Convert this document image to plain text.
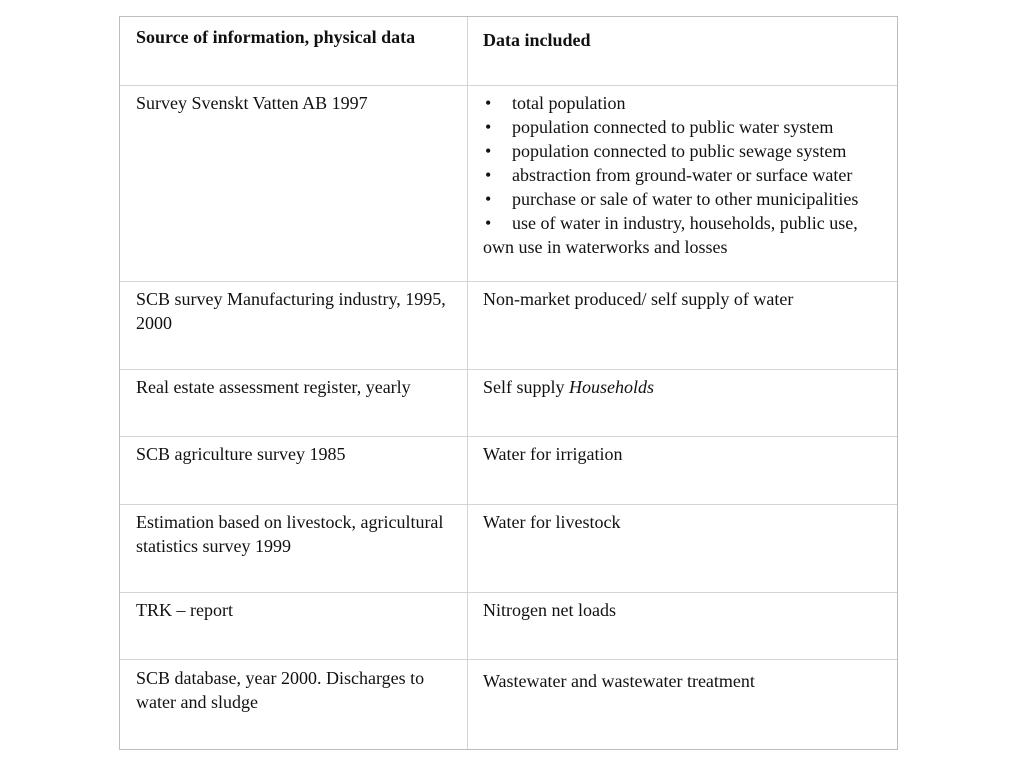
Source of information, physical data	Data included
Survey Svenskt Vatten AB 1997
•	total population
•population connected to public water system
•population connected to public sewage system
•abstraction from ground-water or surface water
•purchase or sale of water to other municipalities
•use of water in industry, households, public use, own use in waterworks and losses
SCB survey Manufacturing industry, 1995, 2000
Non-market produced/ self supply of water
Real estate assessment register, yearly	Self supply Households
SCB agriculture survey 1985	Water for irrigation
Estimation based on livestock, agricultural statistics survey 1999
Water for livestock
TRK – report	Nitrogen net loads
SCB database, year 2000. Discharges to water and sludge
Wastewater and wastewater treatment
